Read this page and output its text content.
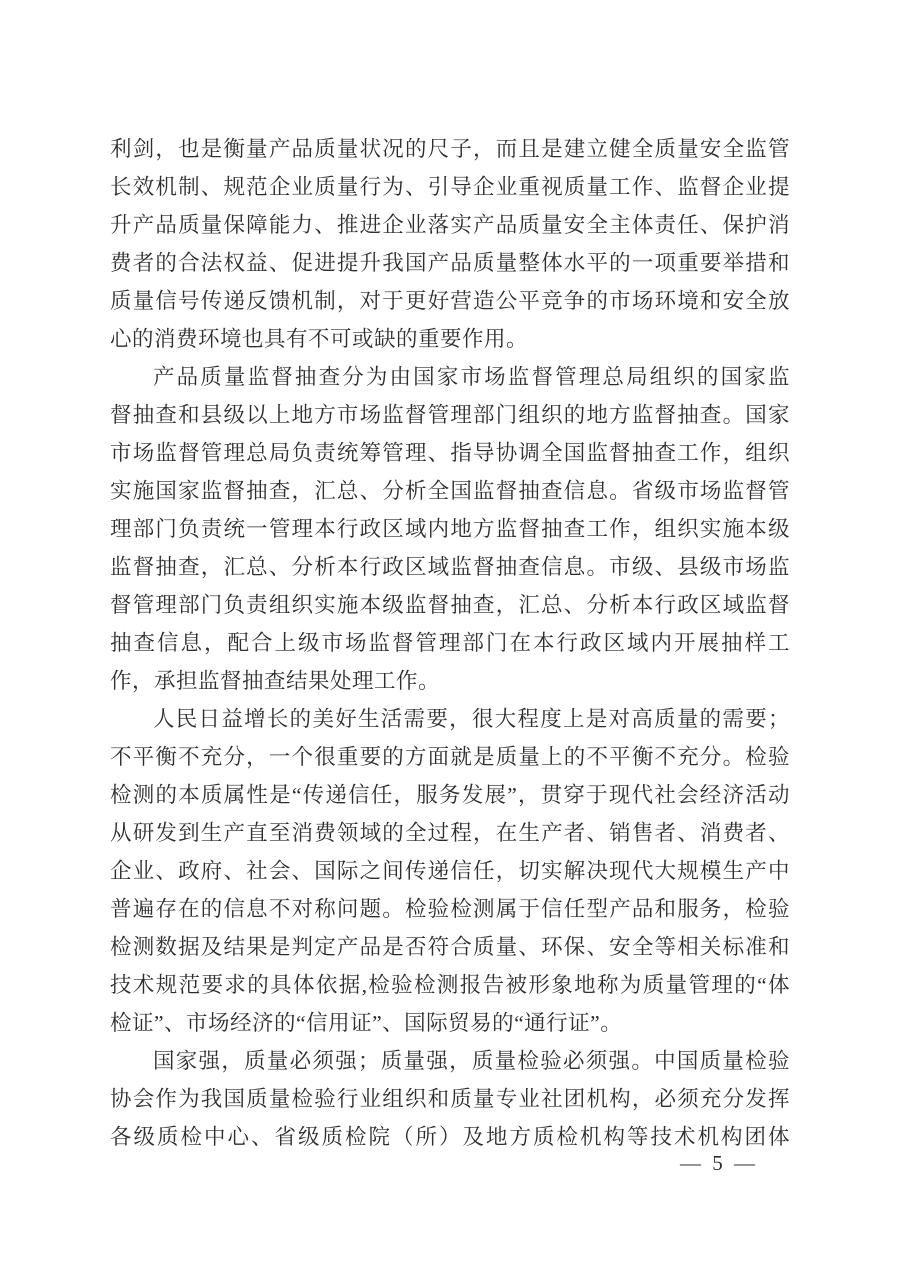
利剑，也是衡量产品质量状况的尺子，而且是建立健全质量安全监管
长效机制、规范企业质量行为、引导企业重视质量工作、监督企业提
升产品质量保障能力、推进企业落实产品质量安全主体责任、保护消
费者的合法权益、促进提升我国产品质量整体水平的一项重要举措和
质量信号传递反馈机制，对于更好营造公平竞争的市场环境和安全放
心的消费环境也具有不可或缺的重要作用。
产品质量监督抽查分为由国家市场监督管理总局组织的国家监
督抽查和县级以上地方市场监督管理部门组织的地方监督抽查。国家
市场监督管理总局负责统筹管理、指导协调全国监督抽查工作，组织
实施国家监督抽查，汇总、分析全国监督抽查信息。省级市场监督管
理部门负责统一管理本行政区域内地方监督抽查工作，组织实施本级
监督抽查，汇总、分析本行政区域监督抽查信息。市级、县级市场监
督管理部门负责组织实施本级监督抽查，汇总、分析本行政区域监督
抽查信息，配合上级市场监督管理部门在本行政区域内开展抽样工
作，承担监督抽查结果处理工作。
人民日益增长的美好生活需要，很大程度上是对高质量的需要；
不平衡不充分，一个很重要的方面就是质量上的不平衡不充分。检验
检测的本质属性是“传递信任，服务发展”，贯穿于现代社会经济活动
从研发到生产直至消费领域的全过程，在生产者、销售者、消费者、
企业、政府、社会、国际之间传递信任，切实解决现代大规模生产中
普遍存在的信息不对称问题。检验检测属于信任型产品和服务，检验
检测数据及结果是判定产品是否符合质量、环保、安全等相关标准和
技术规范要求的具体依据,检验检测报告被形象地称为质量管理的“体
检证”、市场经济的“信用证”、国际贸易的“通行证”。
国家强，质量必须强；质量强，质量检验必须强。中国质量检验
协会作为我国质量检验行业组织和质量专业社团机构，必须充分发挥
各级质检中心、省级质检院（所）及地方质检机构等技术机构团体
— 5 —
